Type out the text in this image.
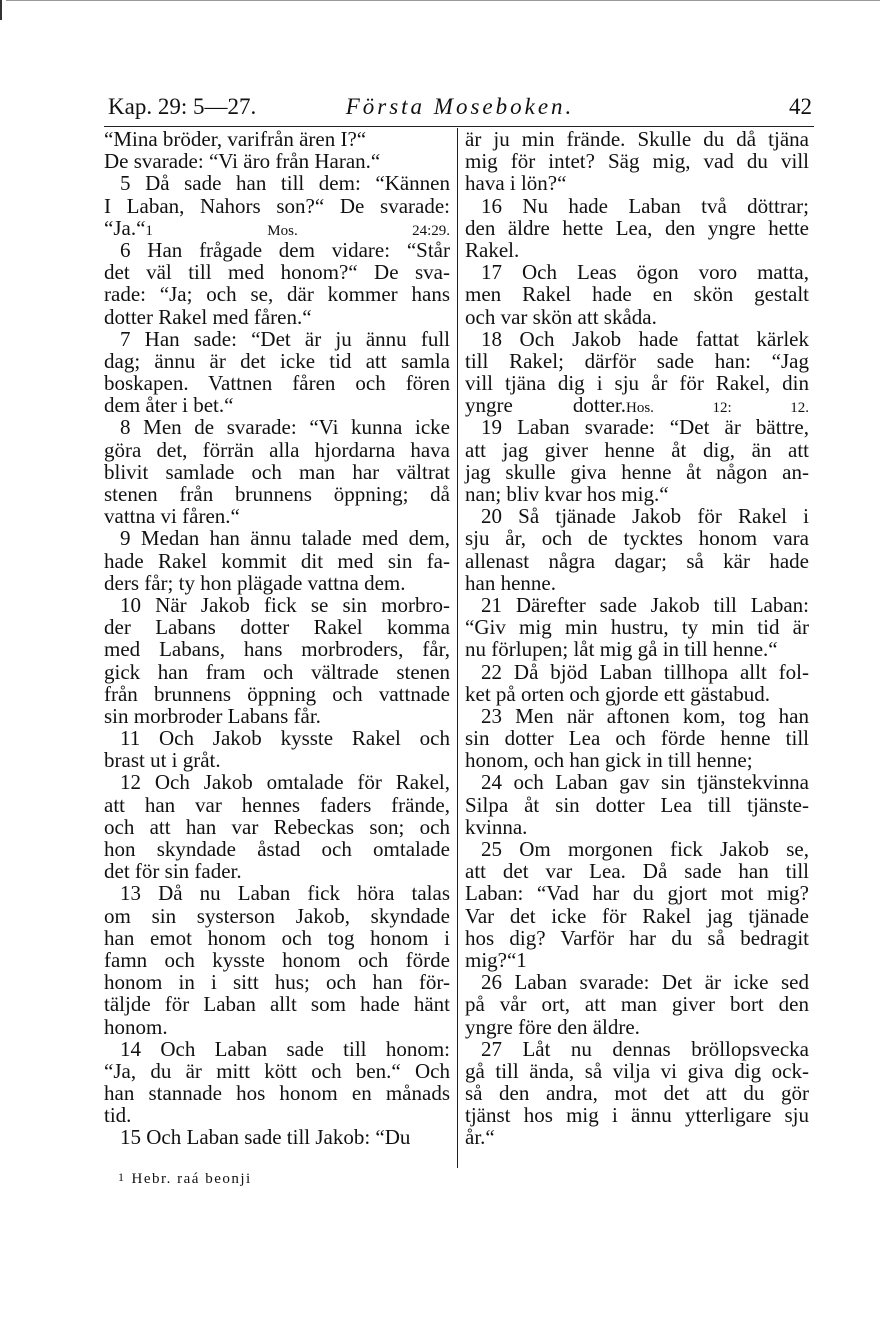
Kap. 29: 5—27.	Första Moseboken.	42
“Mina bröder, varifrån ären I?“
De svarade: “Vi äro från Haran.“
5 Då sade han till dem: “Kännen
I Laban, Nahors son?“ De svarade:
“Ja.“1 Mos. 24:29.
6 Han frågade dem vidare: “Står
det väl till med honom?“ De sva-
rade: “Ja; och se, där kommer hans
dotter Rakel med fåren.“
7 Han sade: “Det är ju ännu full
dag; ännu är det icke tid att samla
boskapen. Vattnen fåren och fören
dem åter i bet.“
8 Men de svarade: “Vi kunna icke
göra det, förrän alla hjordarna hava
blivit samlade och man har vältrat
stenen från brunnens öppning; då
vattna vi fåren.“
9 Medan han ännu talade med dem,
hade Rakel kommit dit med sin fa-
ders får; ty hon plägade vattna dem.
10 När Jakob fick se sin morbro-
der Labans dotter Rakel komma
med Labans, hans morbroders, får,
gick han fram och vältrade stenen
från brunnens öppning och vattnade
sin morbroder Labans får.
11 Och Jakob kysste Rakel och
brast ut i gråt.
12 Och Jakob omtalade för Rakel,
att han var hennes faders frände,
och att han var Rebeckas son; och
hon skyndade åstad och omtalade
det för sin fader.
13 Då nu Laban fick höra talas
om sin systerson Jakob, skyndade
han emot honom och tog honom i
famn och kysste honom och förde
honom in i sitt hus; och han för-
täljde för Laban allt som hade hänt
honom.
14 Och Laban sade till honom:
“Ja, du är mitt kött och ben.“ Och
han stannade hos honom en månads
tid.
15 Och Laban sade till Jakob: “Du
är ju min frände. Skulle du då tjäna
mig för intet? Säg mig, vad du vill
hava i lön?“
16 Nu hade Laban två döttrar;
den äldre hette Lea, den yngre hette
Rakel.
17 Och Leas ögon voro matta,
men Rakel hade en skön gestalt
och var skön att skåda.
18 Och Jakob hade fattat kärlek
till Rakel; därför sade han: “Jag
vill tjäna dig i sju år för Rakel, din
yngre dotter.Hos. 12: 12.
19 Laban svarade: “Det är bättre,
att jag giver henne åt dig, än att
jag skulle giva henne åt någon an-
nan; bliv kvar hos mig.“
20 Så tjänade Jakob för Rakel i
sju år, och de tycktes honom vara
allenast några dagar; så kär hade
han henne.
21 Därefter sade Jakob till Laban:
“Giv mig min hustru, ty min tid är
nu förlupen; låt mig gå in till henne.“
22 Då bjöd Laban tillhopa allt fol-
ket på orten och gjorde ett gästabud.
23 Men när aftonen kom, tog han
sin dotter Lea och förde henne till
honom, och han gick in till henne;
24 och Laban gav sin tjänstekvinna
Silpa åt sin dotter Lea till tjänste-
kvinna.
25 Om morgonen fick Jakob se,
att det var Lea. Då sade han till
Laban: “Vad har du gjort mot mig?
Var det icke för Rakel jag tjänade
hos dig? Varför har du så bedragit
mig?“1
26 Laban svarade: Det är icke sed
på vår ort, att man giver bort den
yngre före den äldre.
27 Låt nu dennas bröllopsvecka
gå till ända, så vilja vi giva dig ock-
så den andra, mot det att du gör
tjänst hos mig i ännu ytterligare sju
år.“
1 Hebr. raá beonji
